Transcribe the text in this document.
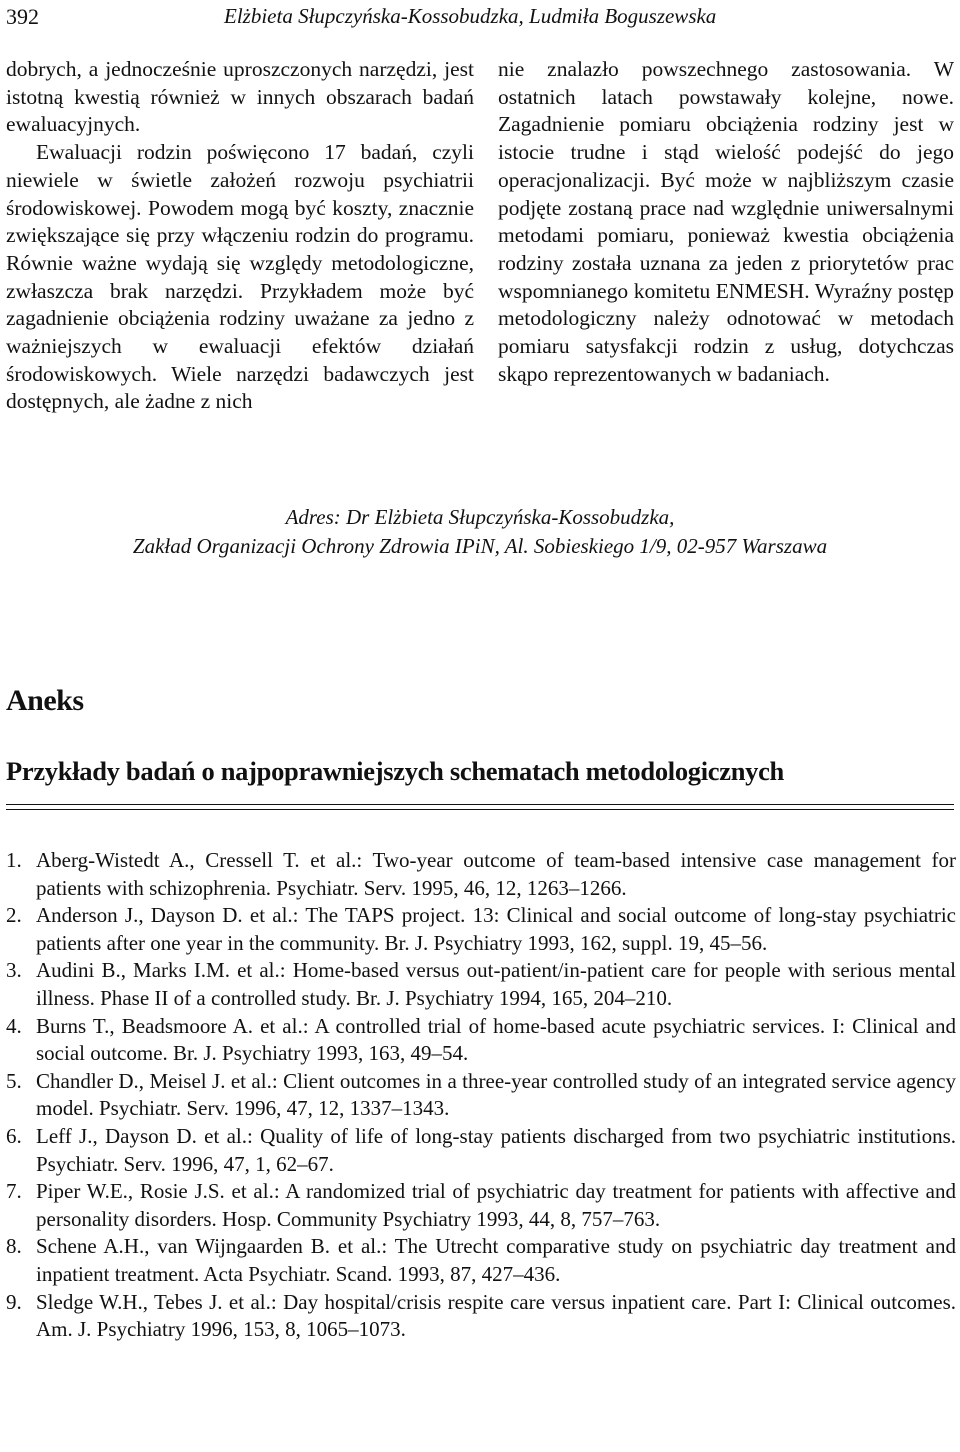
392	Elżbieta Słupczyńska-Kossobudzka, Ludmiła Boguszewska

dobrych, a jednocześnie uproszczonych narzędzi, jest istotną kwestią również w innych obszarach badań ewaluacyjnych.

Ewaluacji rodzin poświęcono 17 badań, czyli niewiele w świetle założeń rozwoju psychiatrii środowiskowej. Powodem mogą być koszty, znacznie zwiększające się przy włączeniu rodzin do programu. Równie ważne wydają się względy metodologiczne, zwłaszcza brak narzędzi. Przykładem może być zagadnienie obciążenia rodziny uważane za jedno z ważniejszych w ewaluacji efektów działań środowiskowych. Wiele narzędzi badawczych jest dostępnych, ale żadne z nich

nie znalazło powszechnego zastosowania. W ostatnich latach powstawały kolejne, nowe. Zagadnienie pomiaru obciążenia rodziny jest w istocie trudne i stąd wielość podejść do jego operacjonalizacji. Być może w najbliższym czasie podjęte zostaną prace nad względnie uniwersalnymi metodami pomiaru, ponieważ kwestia obciążenia rodziny została uznana za jeden z priorytetów prac wspomnianego komitetu ENMESH. Wyraźny postęp metodologiczny należy odnotować w metodach pomiaru satysfakcji rodzin z usług, dotychczas skąpo reprezentowanych w badaniach.

Adres: Dr Elżbieta Słupczyńska-Kossobudzka,
Zakład Organizacji Ochrony Zdrowia IPiN, Al. Sobieskiego 1/9, 02-957 Warszawa
Aneks
Przykłady badań o najpoprawniejszych schematach metodologicznych
1. Aberg-Wistedt A., Cressell T. et al.: Two-year outcome of team-based intensive case management for patients with schizophrenia. Psychiatr. Serv. 1995, 46, 12, 1263–1266.
2. Anderson J., Dayson D. et al.: The TAPS project. 13: Clinical and social outcome of long-stay psychiatric patients after one year in the community. Br. J. Psychiatry 1993, 162, suppl. 19, 45–56.
3. Audini B., Marks I.M. et al.: Home-based versus out-patient/in-patient care for people with serious mental illness. Phase II of a controlled study. Br. J. Psychiatry 1994, 165, 204–210.
4. Burns T., Beadsmoore A. et al.: A controlled trial of home-based acute psychiatric services. I: Clinical and social outcome. Br. J. Psychiatry 1993, 163, 49–54.
5. Chandler D., Meisel J. et al.: Client outcomes in a three-year controlled study of an integrated service agency model. Psychiatr. Serv. 1996, 47, 12, 1337–1343.
6. Leff J., Dayson D. et al.: Quality of life of long-stay patients discharged from two psychiatric institutions. Psychiatr. Serv. 1996, 47, 1, 62–67.
7. Piper W.E., Rosie J.S. et al.: A randomized trial of psychiatric day treatment for patients with affective and personality disorders. Hosp. Community Psychiatry 1993, 44, 8, 757–763.
8. Schene A.H., van Wijngaarden B. et al.: The Utrecht comparative study on psychiatric day treatment and inpatient treatment. Acta Psychiatr. Scand. 1993, 87, 427–436.
9. Sledge W.H., Tebes J. et al.: Day hospital/crisis respite care versus inpatient care. Part I: Clinical outcomes. Am. J. Psychiatry 1996, 153, 8, 1065–1073.
